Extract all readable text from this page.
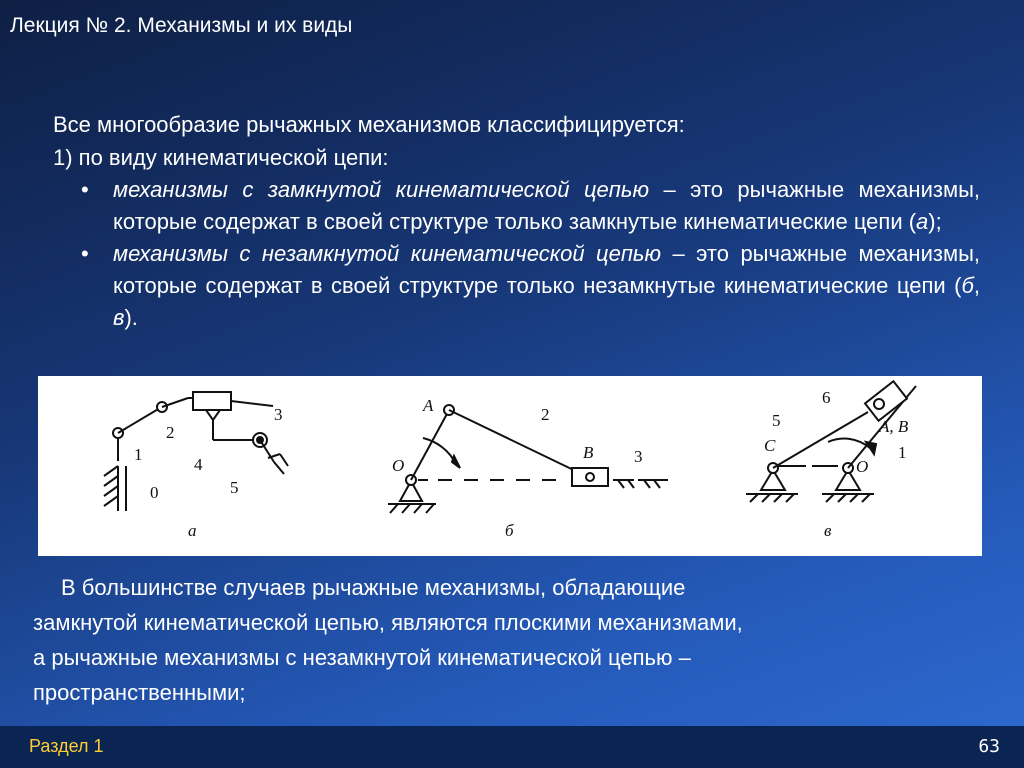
Лекция № 2. Механизмы и их виды

Все многообразие рычажных механизмов классифицируется:

1) по виду кинематической цепи:

• механизмы с замкнутой кинематической цепью – это рычажные механизмы, которые содержат в своей структуре только замкнутые кинематические цепи (а);
• механизмы с незамкнутой кинематической цепью – это рычажные механизмы, которые содержат в своей структуре только незамкнутые кинематические цепи (б, в).
0
1
2
3
4
5
а
A
O
2
B 3
б
6
5
C
A, B
O
1
в

В большинстве случаев рычажные механизмы, обладающие

замкнутой кинематической цепью, являются плоскими механизмами,

а рычажные механизмы с незамкнутой кинематической цепью –

пространственными;

Раздел 1	63
